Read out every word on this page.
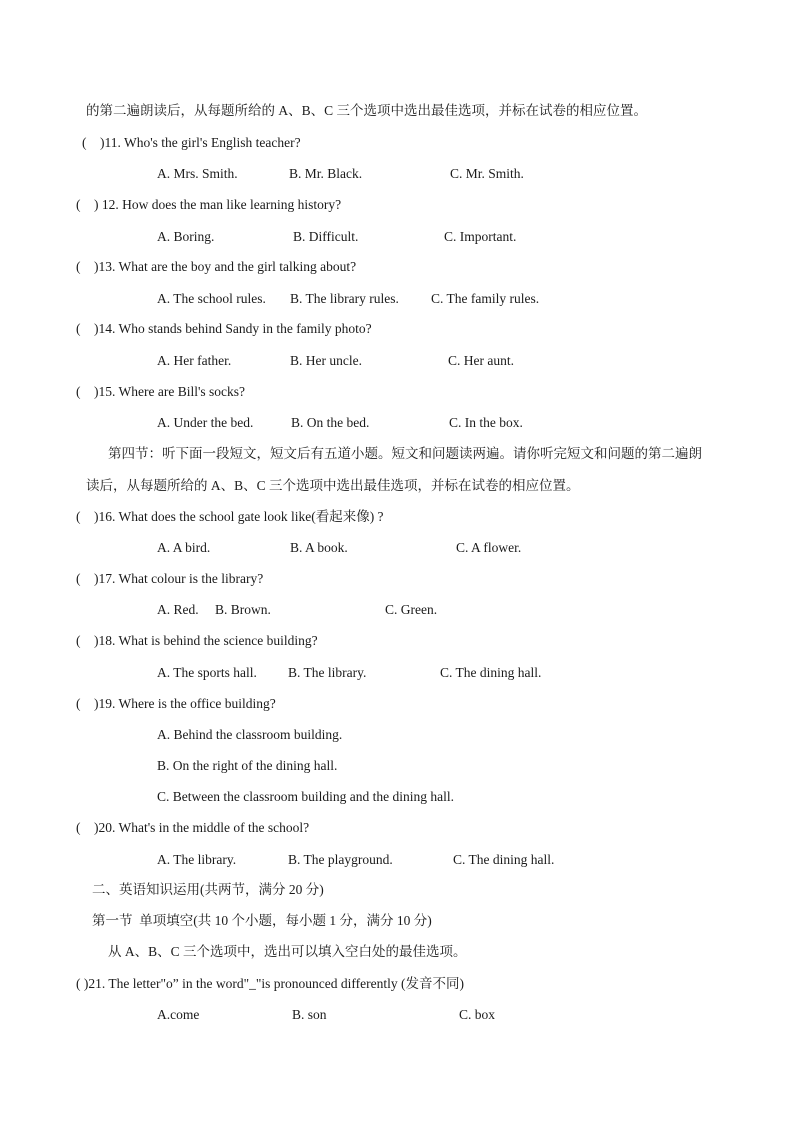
的第二遍朗读后，从每题所给的 A、B、C 三个选项中选出最佳选项，并标在试卷的相应位置。
(    )11. Who's the girl's English teacher?
A. Mrs. Smith.	B. Mr. Black.	C. Mr. Smith.
(    ) 12. How does the man like learning history?
A. Boring.	B. Difficult.	C. Important.
(    )13. What are the boy and the girl talking about?
A. The school rules. B. The library rules. C. The family rules.
(    )14. Who stands behind Sandy in the family photo?
A. Her father.	B. Her uncle.	C. Her aunt.
(    )15. Where are Bill's socks?
A. Under the bed.	B. On the bed.	C. In the box.
第四节：听下面一段短文，短文后有五道小题。短文和问题读两遍。请你听完短文和问题的第二遍朗
读后，从每题所给的 A、B、C 三个选项中选出最佳选项，并标在试卷的相应位置。
(    )16. What does the school gate look like(看起来像) ?
A. A bird.	B. A book.	C. A flower.
(    )17. What colour is the library?
A. Red. B. Brown.	C. Green.
(    )18. What is behind the science building?
A. The sports hall. B. The library.	C. The dining hall.
(    )19. Where is the office building?
A. Behind the classroom building.
B. On the right of the dining hall.
C. Between the classroom building and the dining hall.
(    )20. What's in the middle of the school?
A. The library.	B. The playground.	C. The dining hall.
二、英语知识运用(共两节，满分 20 分)
第一节  单项填空(共 10 个小题，每小题 1 分，满分 10 分)
从 A、B、C 三个选项中，选出可以填入空白处的最佳选项。
( )21. The letter"o” in the word"_"is pronounced differently (发音不同)
A.come	B. son	C. box
